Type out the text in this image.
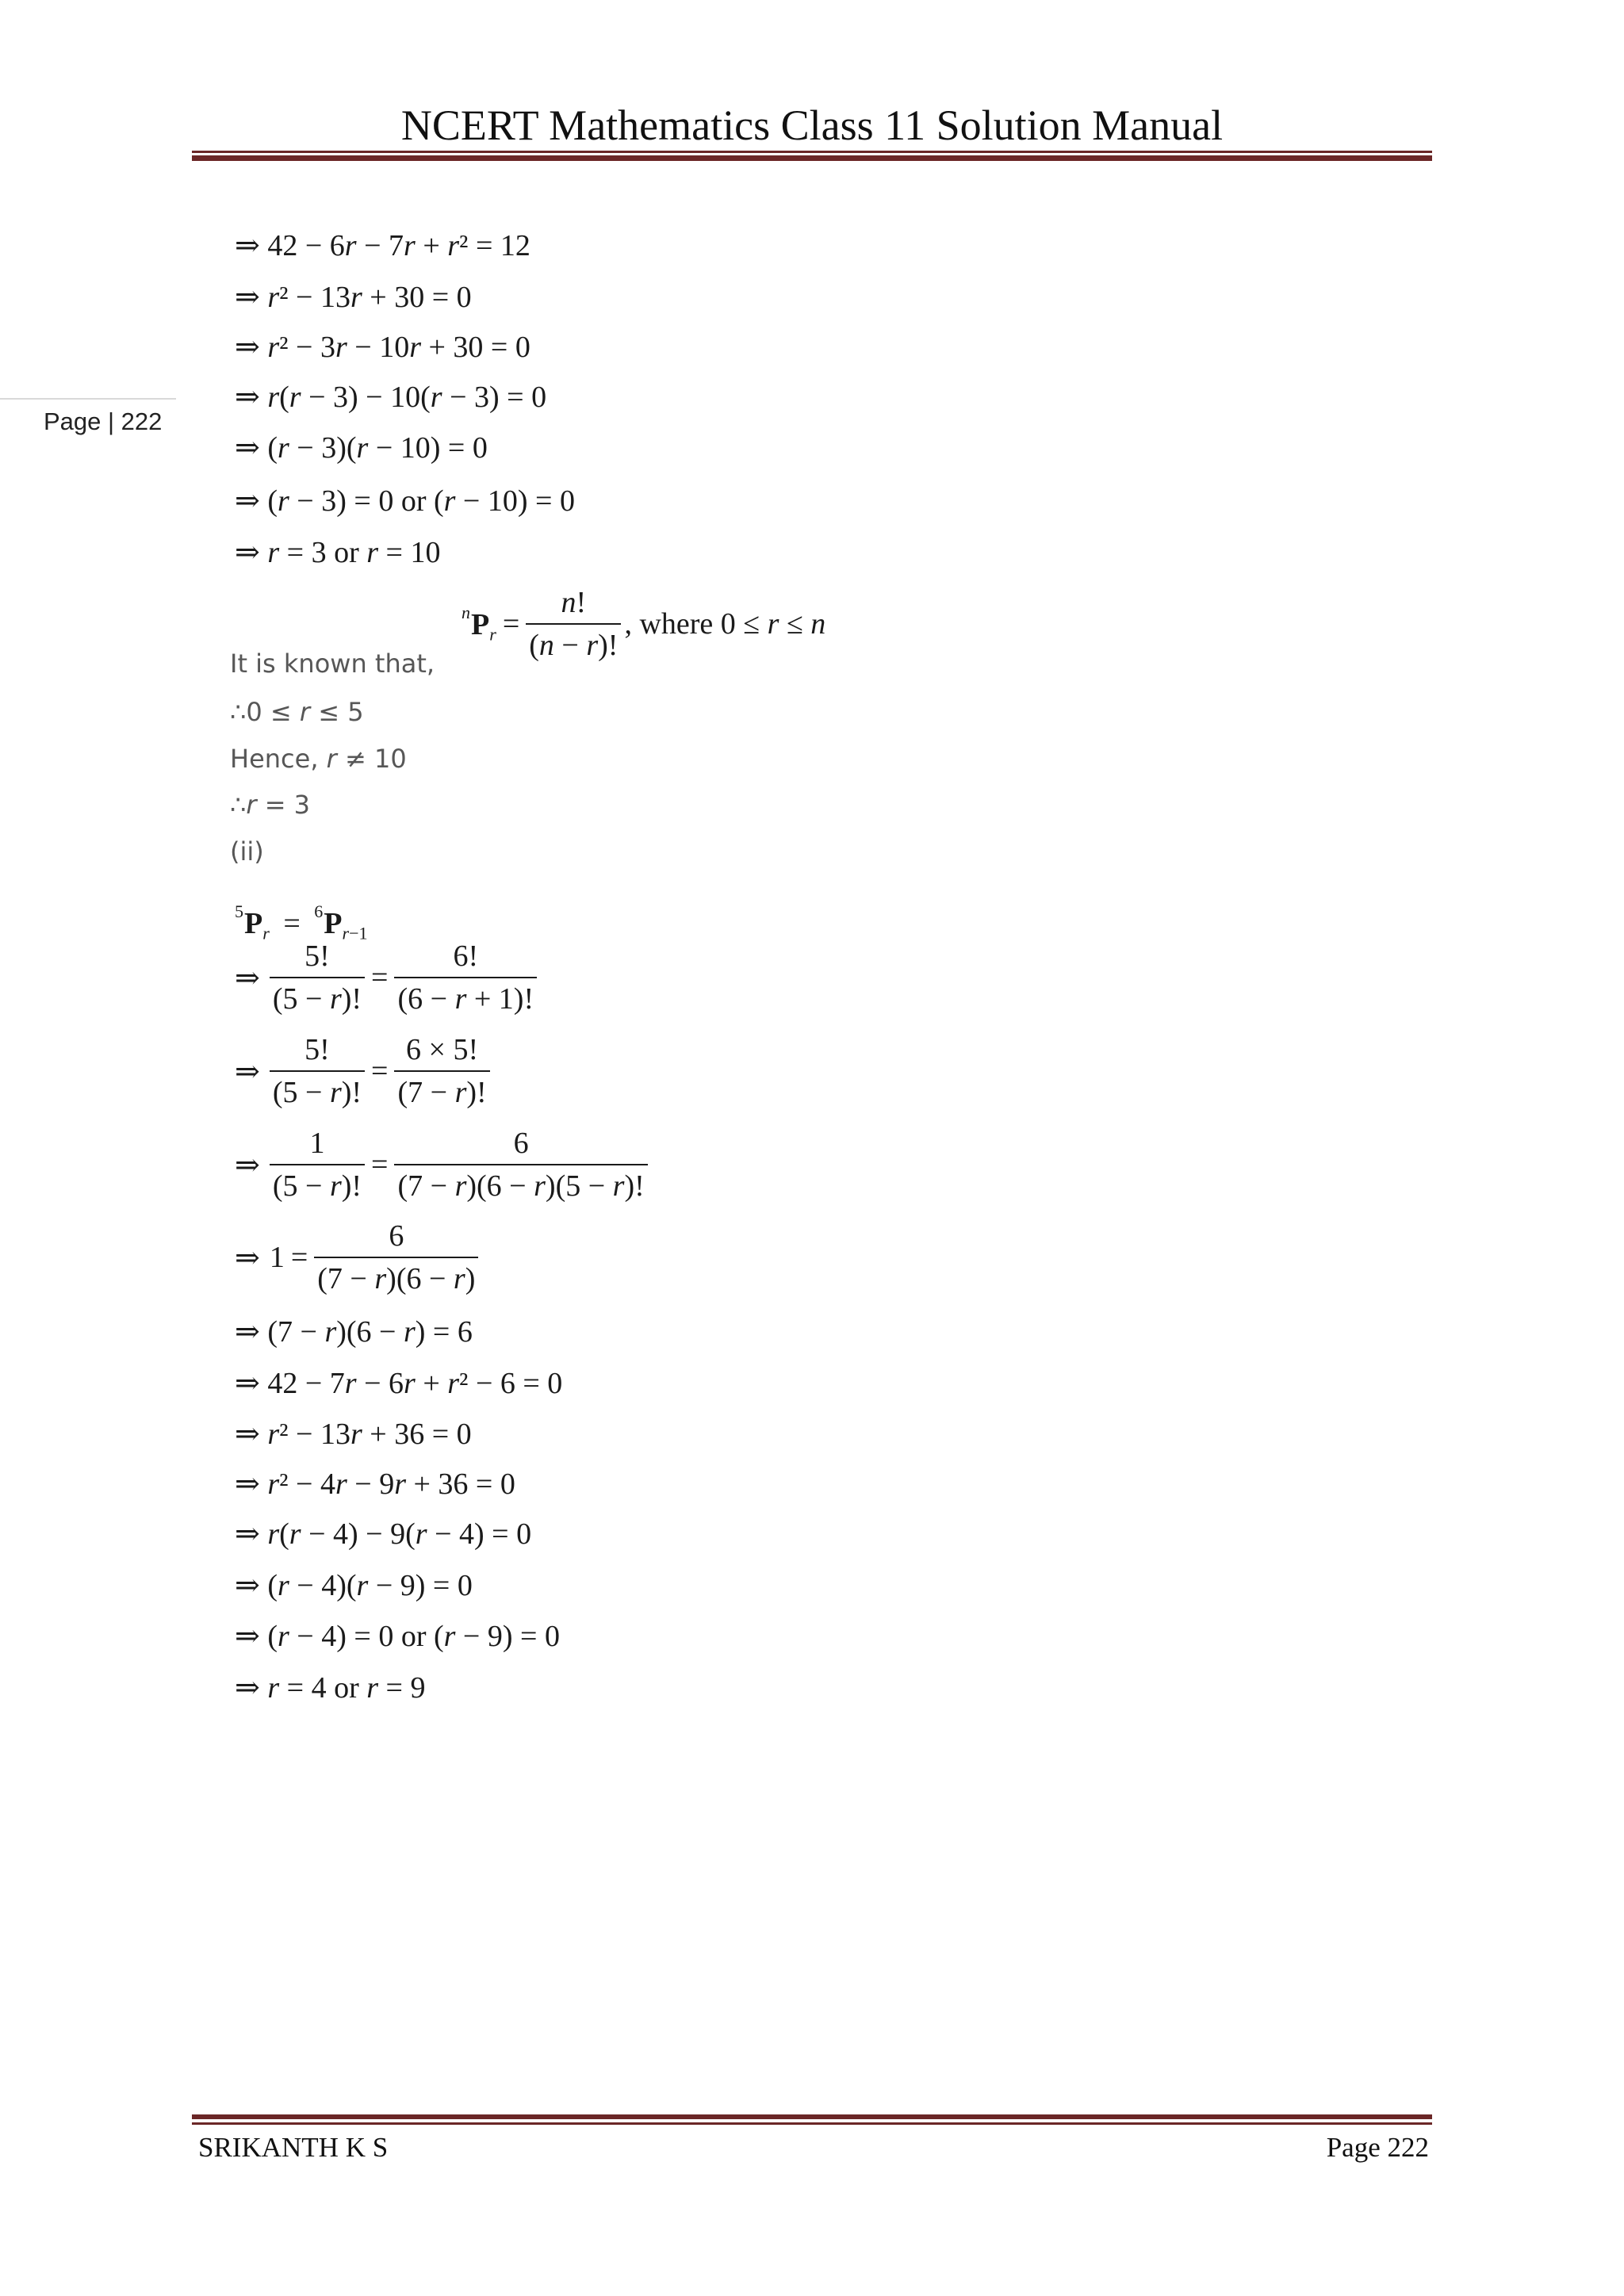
NCERT Mathematics Class 11 Solution Manual
Page | 222
⇒ 42 − 6r − 7r + r² = 12
⇒ r² − 13r + 30 = 0
⇒ r² − 3r − 10r + 30 = 0
⇒ r(r − 3) − 10(r − 3) = 0
⇒ (r − 3)(r − 10) = 0
⇒ (r − 3) = 0 or (r − 10) = 0
⇒ r = 3 or r = 10
$^nP_r = \frac{n!}{(n - r)!}$ , where 0 ≤ r ≤ n
It is known that,
∴0 ≤ r ≤ 5
Hence, r ≠ 10
∴r = 3
(ii)
$^5P_r = ^6P_{r-1}$
⇒ $\frac{5!}{(5 - r)!} = \frac{6!}{(6 - r + 1)!}$
⇒ $\frac{5!}{(5 - r)!} = \frac{6 \times 5!}{(7 - r)!}$
⇒ $\frac{1}{(5 - r)!} = \frac{6}{(7 - r)(6 - r)(5 - r)!}$
⇒ $1 = \frac{6}{(7 - r)(6 - r)}$
⇒ (7 − r)(6 − r) = 6
⇒ 42 − 7r − 6r + r² − 6 = 0
⇒ r² − 13r + 36 = 0
⇒ r² − 4r − 9r + 36 = 0
⇒ r(r − 4) − 9(r − 4) = 0
⇒ (r − 4)(r − 9) = 0
⇒ (r − 4) = 0 or (r − 9) = 0
⇒ r = 4 or r = 9
SRIKANTH K S	Page 222
